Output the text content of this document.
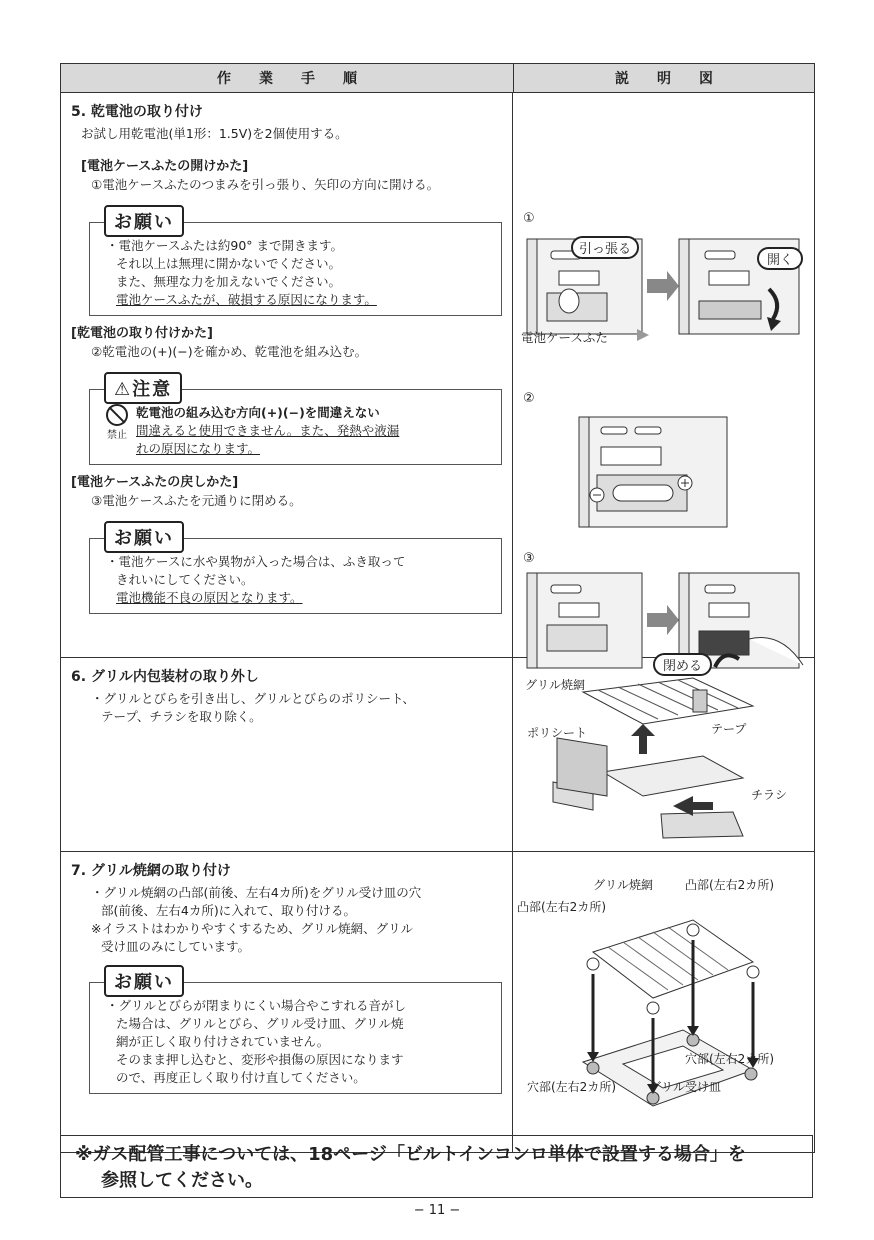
作　　業　　手　　順	説　　明　　図

5. 乾電池の取り付け

お試し用乾電池(単1形：1.5V)を2個使用する。

[電池ケースふたの開けかた]

①電池ケースふたのつまみを引っ張り、矢印の方向に開ける。

お願い

・電池ケースふたは約90° まで開きます。

それ以上は無理に開かないでください。

また、無理な力を加えないでください。

電池ケースふたが、破損する原因になります。

[乾電池の取り付けかた]

②乾電池の(+)(−)を確かめ、乾電池を組み込む。

⚠注意
禁止

乾電池の組み込む方向(+)(−)を間違えない

間違えると使用できません。また、発熱や液漏

れの原因になります。

[電池ケースふたの戻しかた]

③電池ケースふたを元通りに閉める。

お願い

・電池ケースに水や異物が入った場合は、ふき取って

きれいにしてください。

電池機能不良の原因となります。

①
引っ張る
開く
電池ケースふた
②
③
閉める

6. グリル内包装材の取り外し

・グリルとびらを引き出し、グリルとびらのポリシート、

テープ、チラシを取り除く。

グリル焼網
ポリシート	テープ
チラシ

7. グリル焼網の取り付け

・グリル焼網の凸部(前後、左右4カ所)をグリル受け皿の穴

部(前後、左右4カ所)に入れて、取り付ける。

※イラストはわかりやすくするため、グリル焼網、グリル

受け皿のみにしています。

お願い

・グリルとびらが閉まりにくい場合やこすれる音がし

た場合は、グリルとびら、グリル受け皿、グリル焼

網が正しく取り付けされていません。

そのまま押し込むと、変形や損傷の原因になります

ので、再度正しく取り付け直してください。

グリル焼網	凸部(左右2カ所)
凸部(左右2カ所)
穴部(左右2カ所)
穴部(左右2カ所)	グリル受け皿
※ガス配管工事については、18ページ「ビルトインコンロ単体で設置する場合」を
参照してください。
− 11 −
